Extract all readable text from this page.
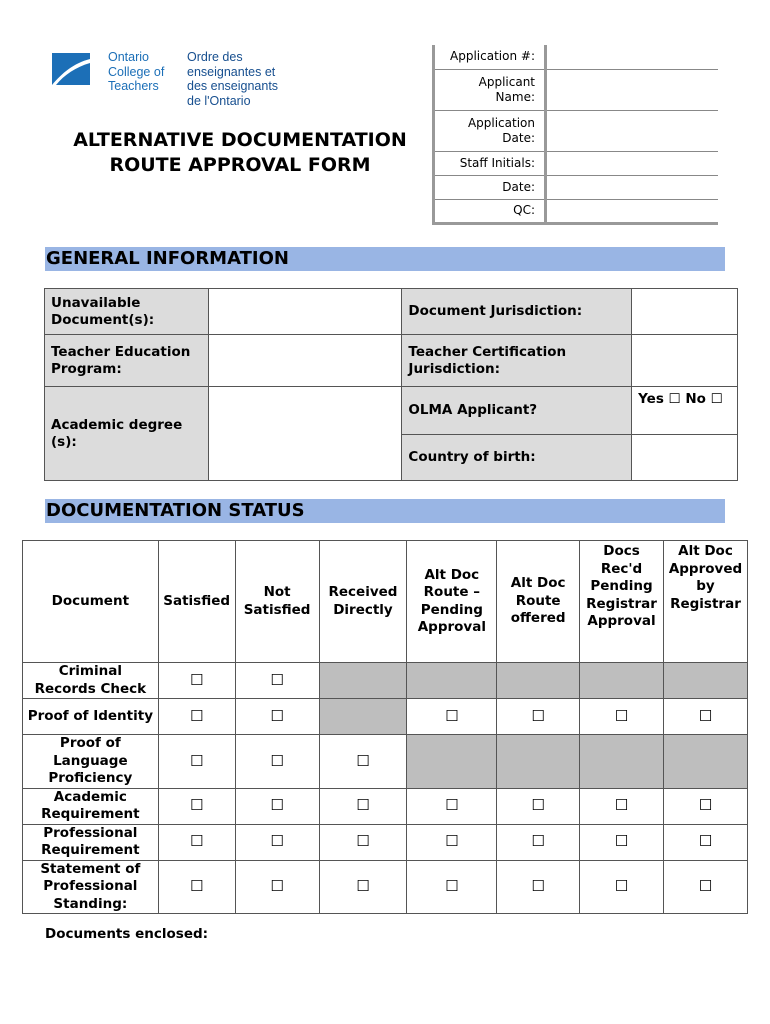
Ontario
College of
Teachers
Ordre des
enseignantes et
des enseignants
de l'Ontario
ALTERNATIVE DOCUMENTATION
ROUTE APPROVAL FORM
Application #:	
Applicant Name:	
Application Date:	
Staff Initials:	
Date:	
QC:	
GENERAL INFORMATION
Unavailable Document(s):		Document Jurisdiction:	
Teacher Education Program:		Teacher Certification Jurisdiction:	
Academic degree (s):		OLMA Applicant?	Yes ☐ No ☐
		Country of birth:	
DOCUMENTATION STATUS
Document	Satisfied	Not Satisfied	Received Directly	Alt Doc Route – Pending Approval	Alt Doc Route offered	Docs Rec'd Pending Registrar Approval	Alt Doc Approved by Registrar
Criminal Records Check	☐	☐					
Proof of Identity	☐	☐		☐	☐	☐	☐
Proof of Language Proficiency	☐	☐	☐				
Academic Requirement	☐	☐	☐	☐	☐	☐	☐
Professional Requirement	☐	☐	☐	☐	☐	☐	☐
Statement of Professional Standing:	☐	☐	☐	☐	☐	☐	☐
Documents enclosed:
